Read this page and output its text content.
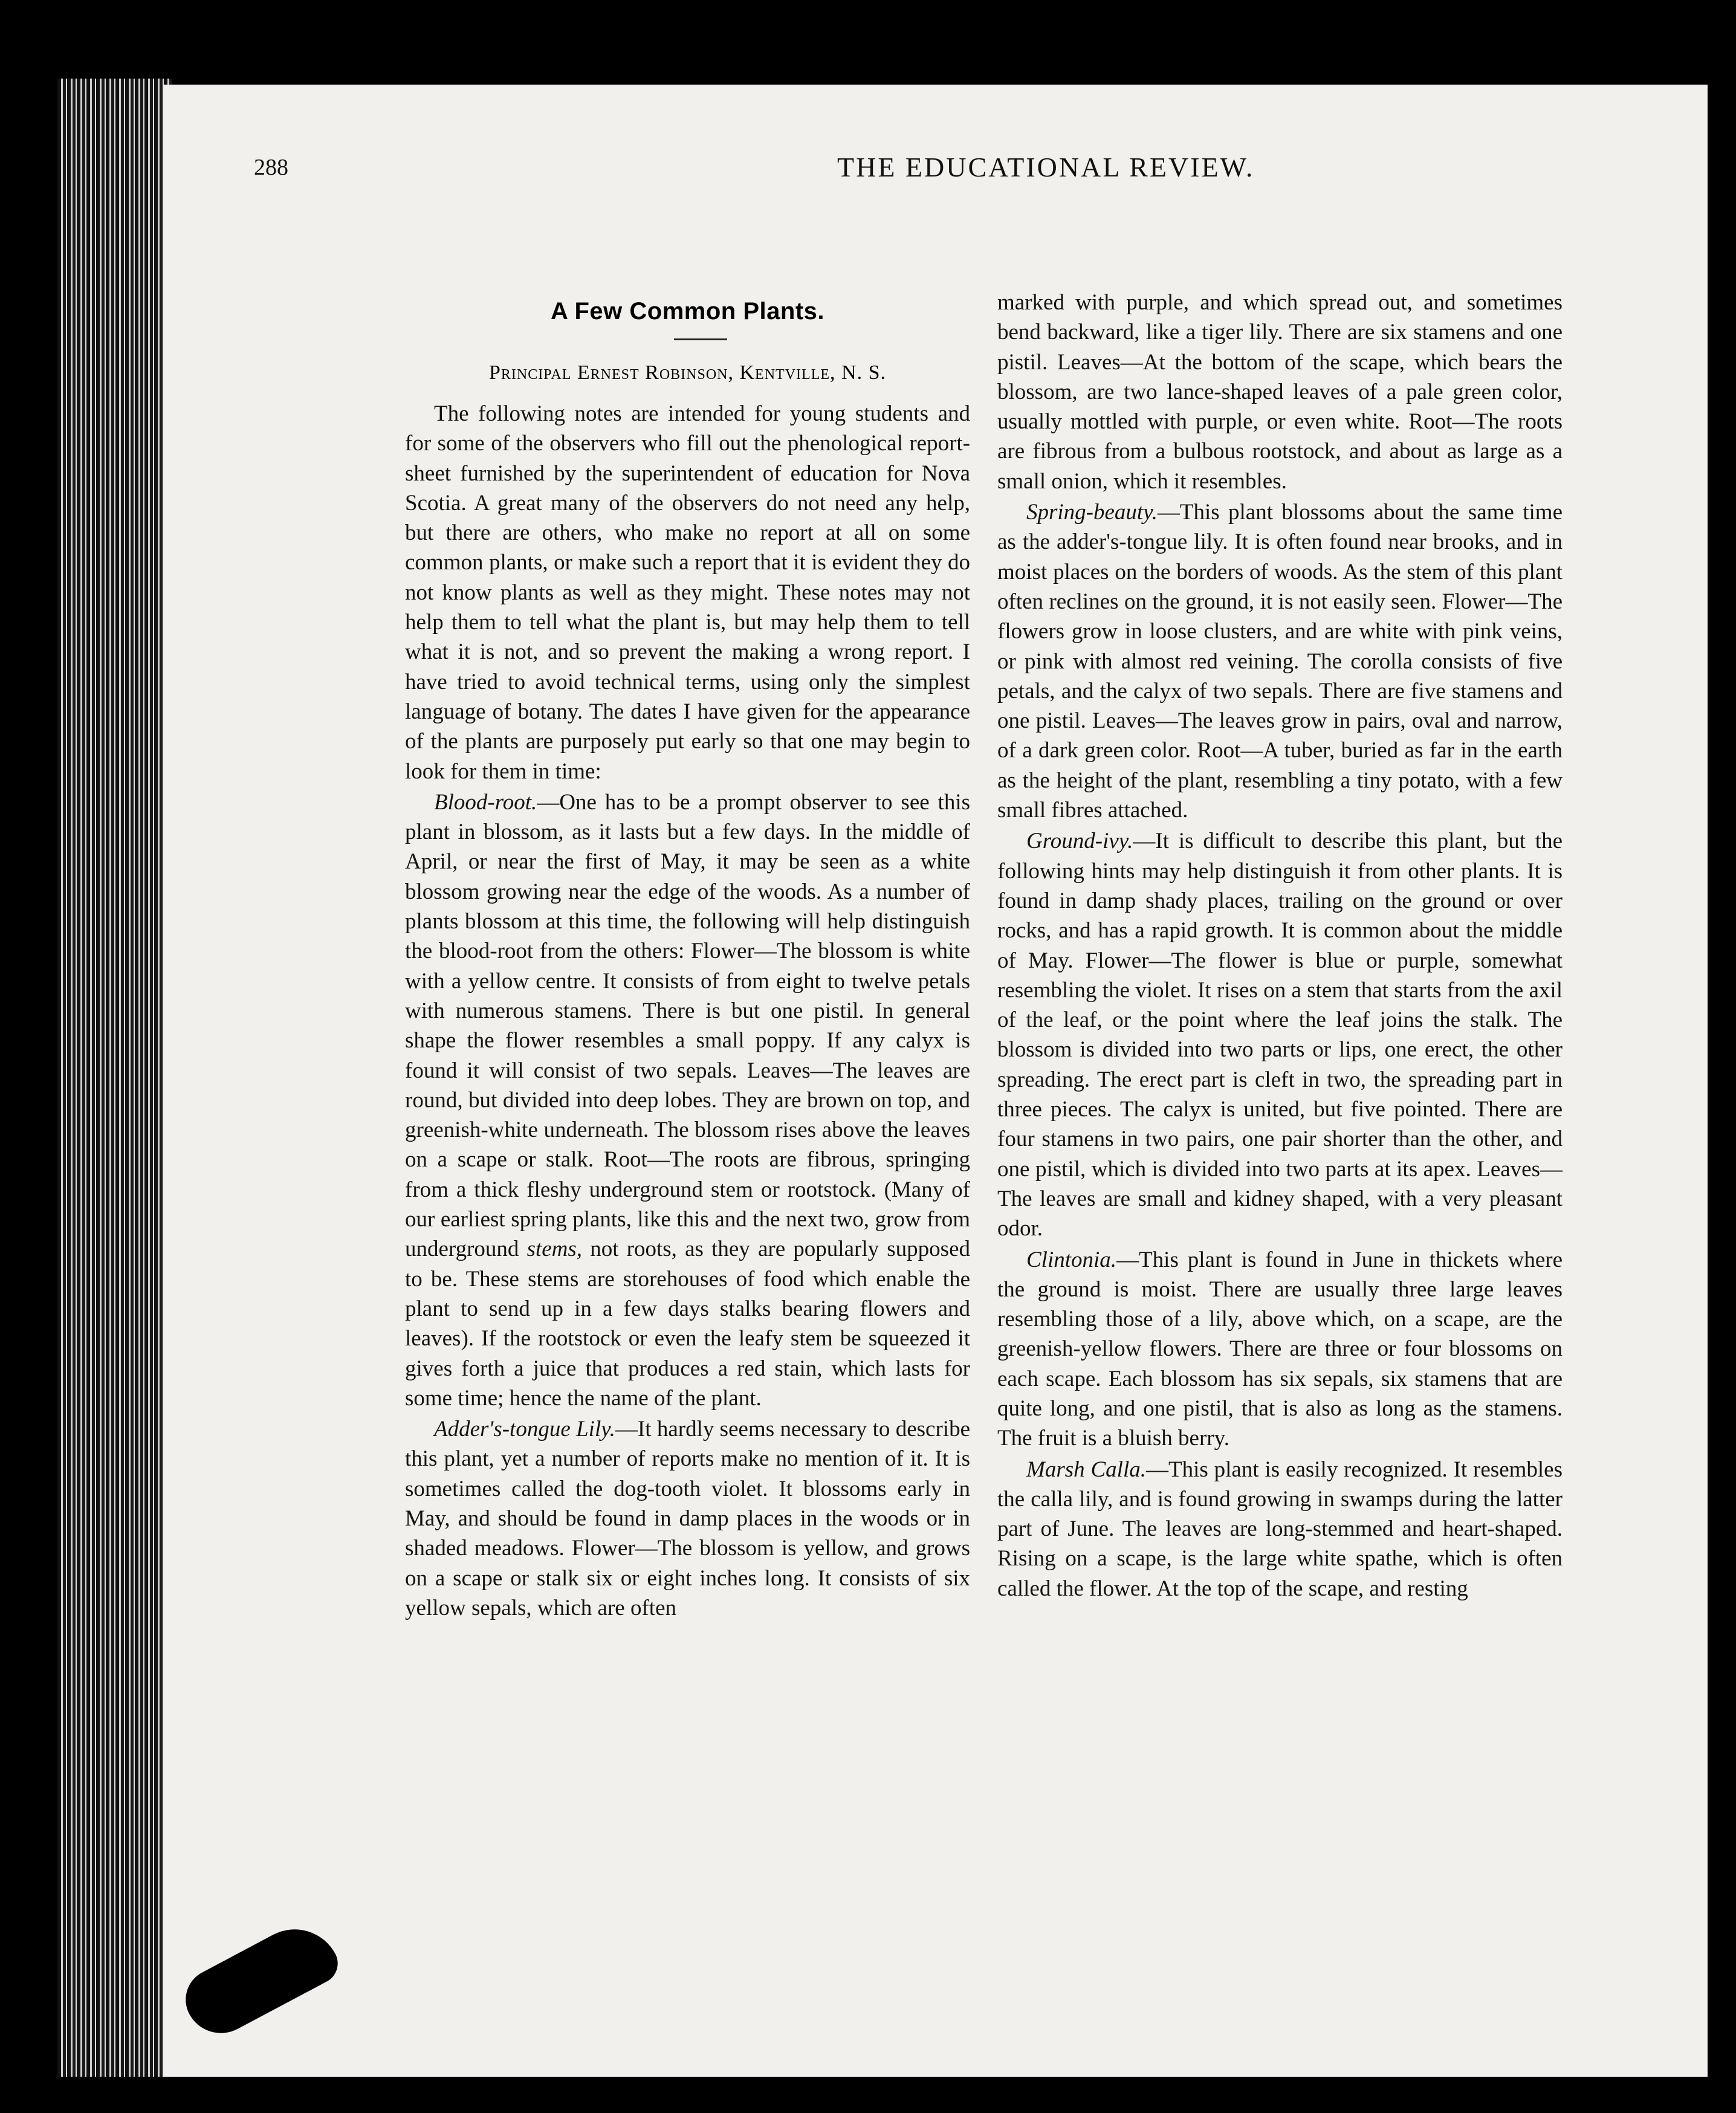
288	THE EDUCATIONAL REVIEW.
A Few Common Plants.
Principal Ernest Robinson, Kentville, N. S.

The following notes are intended for young students and for some of the observers who fill out the phenological report-sheet furnished by the superintendent of education for Nova Scotia. A great many of the observers do not need any help, but there are others, who make no report at all on some common plants, or make such a report that it is evident they do not know plants as well as they might. These notes may not help them to tell what the plant is, but may help them to tell what it is not, and so prevent the making a wrong report. I have tried to avoid technical terms, using only the simplest language of botany. The dates I have given for the appearance of the plants are purposely put early so that one may begin to look for them in time:

Blood-root.—One has to be a prompt observer to see this plant in blossom, as it lasts but a few days. In the middle of April, or near the first of May, it may be seen as a white blossom growing near the edge of the woods. As a number of plants blossom at this time, the following will help distinguish the blood-root from the others: Flower—The blossom is white with a yellow centre. It consists of from eight to twelve petals with numerous stamens. There is but one pistil. In general shape the flower resembles a small poppy. If any calyx is found it will consist of two sepals. Leaves—The leaves are round, but divided into deep lobes. They are brown on top, and greenish-white underneath. The blossom rises above the leaves on a scape or stalk. Root—The roots are fibrous, springing from a thick fleshy underground stem or rootstock. (Many of our earliest spring plants, like this and the next two, grow from underground stems, not roots, as they are popularly supposed to be. These stems are storehouses of food which enable the plant to send up in a few days stalks bearing flowers and leaves). If the rootstock or even the leafy stem be squeezed it gives forth a juice that produces a red stain, which lasts for some time; hence the name of the plant.

Adder's-tongue Lily.—It hardly seems necessary to describe this plant, yet a number of reports make no mention of it. It is sometimes called the dog-tooth violet. It blossoms early in May, and should be found in damp places in the woods or in shaded meadows. Flower—The blossom is yellow, and grows on a scape or stalk six or eight inches long. It consists of six yellow sepals, which are often

marked with purple, and which spread out, and sometimes bend backward, like a tiger lily. There are six stamens and one pistil. Leaves—At the bottom of the scape, which bears the blossom, are two lance-shaped leaves of a pale green color, usually mottled with purple, or even white. Root—The roots are fibrous from a bulbous rootstock, and about as large as a small onion, which it resembles.

Spring-beauty.—This plant blossoms about the same time as the adder's-tongue lily. It is often found near brooks, and in moist places on the borders of woods. As the stem of this plant often reclines on the ground, it is not easily seen. Flower—The flowers grow in loose clusters, and are white with pink veins, or pink with almost red veining. The corolla consists of five petals, and the calyx of two sepals. There are five stamens and one pistil. Leaves—The leaves grow in pairs, oval and narrow, of a dark green color. Root—A tuber, buried as far in the earth as the height of the plant, resembling a tiny potato, with a few small fibres attached.

Ground-ivy.—It is difficult to describe this plant, but the following hints may help distinguish it from other plants. It is found in damp shady places, trailing on the ground or over rocks, and has a rapid growth. It is common about the middle of May. Flower—The flower is blue or purple, somewhat resembling the violet. It rises on a stem that starts from the axil of the leaf, or the point where the leaf joins the stalk. The blossom is divided into two parts or lips, one erect, the other spreading. The erect part is cleft in two, the spreading part in three pieces. The calyx is united, but five pointed. There are four stamens in two pairs, one pair shorter than the other, and one pistil, which is divided into two parts at its apex. Leaves—The leaves are small and kidney shaped, with a very pleasant odor.

Clintonia.—This plant is found in June in thickets where the ground is moist. There are usually three large leaves resembling those of a lily, above which, on a scape, are the greenish-yellow flowers. There are three or four blossoms on each scape. Each blossom has six sepals, six stamens that are quite long, and one pistil, that is also as long as the stamens. The fruit is a bluish berry.

Marsh Calla.—This plant is easily recognized. It resembles the calla lily, and is found growing in swamps during the latter part of June. The leaves are long-stemmed and heart-shaped. Rising on a scape, is the large white spathe, which is often called the flower. At the top of the scape, and resting
